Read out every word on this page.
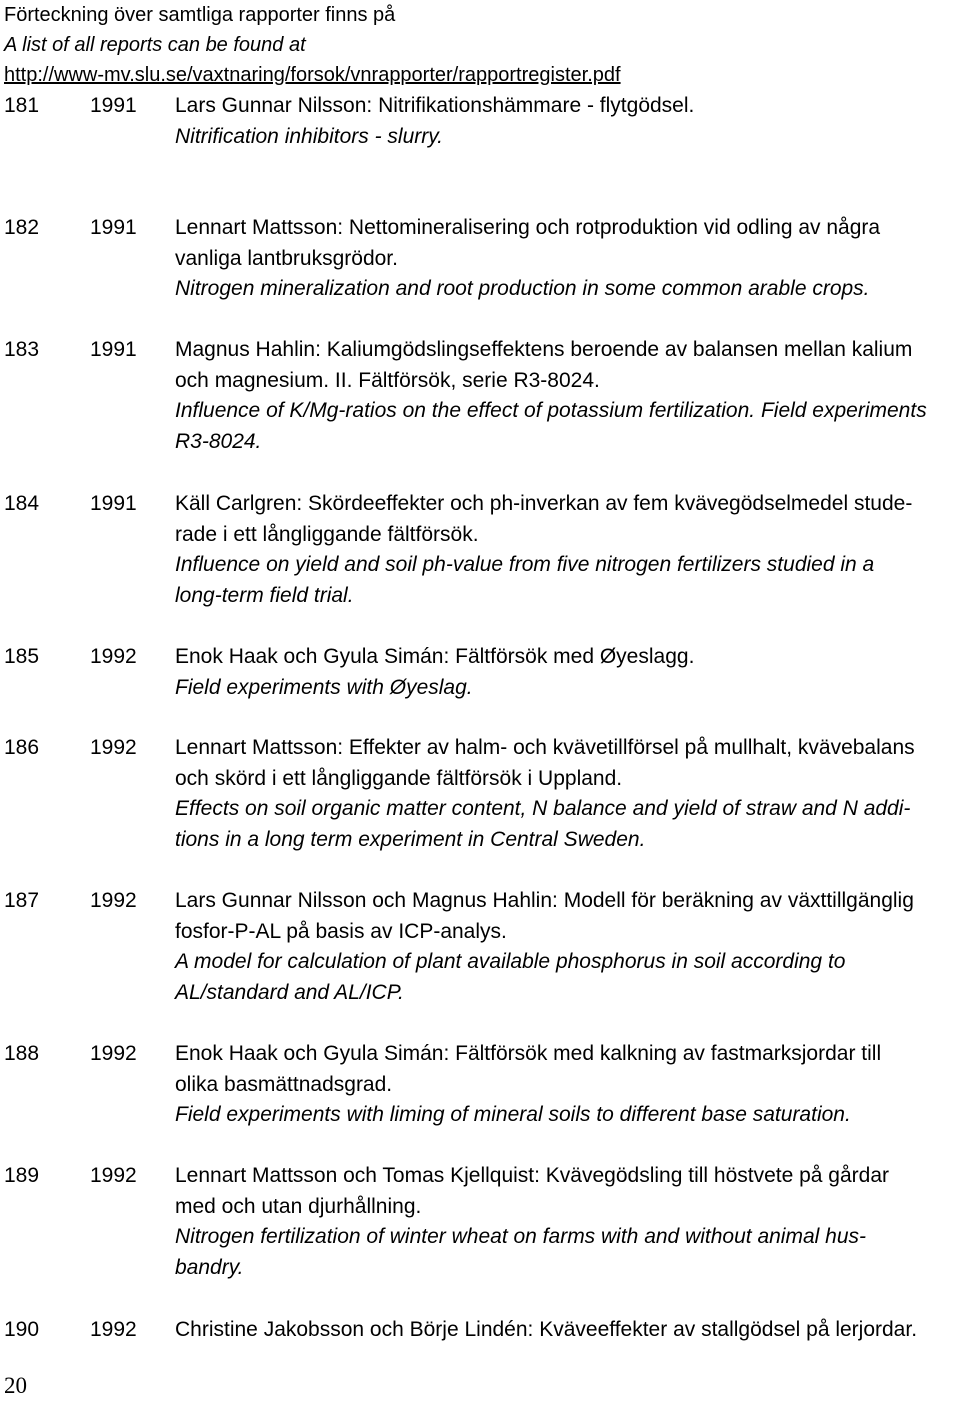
Förteckning över samtliga rapporter finns på
A list of all reports can be found at
http://www-mv.slu.se/vaxtnaring/forsok/vnrapporter/rapportregister.pdf
181 1991 Lars Gunnar Nilsson: Nitrifikationshämmare - flytgödsel.
Nitrification inhibitors - slurry.
182 1991 Lennart Mattsson: Nettomineralisering och rotproduktion vid odling av några
vanliga lantbruksgrödor.
Nitrogen mineralization and root production in some common arable crops.
183 1991 Magnus Hahlin: Kaliumgödslingseffektens beroende av balansen mellan kalium
och magnesium. II. Fältförsök, serie R3-8024.
Influence of K/Mg-ratios on the effect of potassium fertilization. Field experiments
R3-8024.
184 1991 Käll Carlgren: Skördeeffekter och ph-inverkan av fem kvävegödselmedel stude-
rade i ett långliggande fältförsök.
Influence on yield and soil ph-value from five nitrogen fertilizers studied in a
long-term field trial.
185 1992 Enok Haak och Gyula Simán: Fältförsök med Øyeslagg.
Field experiments with Øyeslag.
186 1992 Lennart Mattsson: Effekter av halm- och kvävetillförsel på mullhalt, kvävebalans
och skörd i ett långliggande fältförsök i Uppland.
Effects on soil organic matter content, N balance and yield of straw and N addi-
tions in a long term experiment in Central Sweden.
187 1992 Lars Gunnar Nilsson och Magnus Hahlin: Modell för beräkning av växttillgänglig
fosfor-P-AL på basis av ICP-analys.
A model for calculation of plant available phosphorus in soil according to
AL/standard and AL/ICP.
188 1992 Enok Haak och Gyula Simán: Fältförsök med kalkning av fastmarksjordar till
olika basmättnadsgrad.
Field experiments with liming of mineral soils to different base saturation.
189 1992 Lennart Mattsson och Tomas Kjellquist: Kvävegödsling till höstvete på gårdar
med och utan djurhållning.
Nitrogen fertilization of winter wheat on farms with and without animal hus-
bandry.
190 1992 Christine Jakobsson och Börje Lindén: Kväveeffekter av stallgödsel på lerjordar.
20
